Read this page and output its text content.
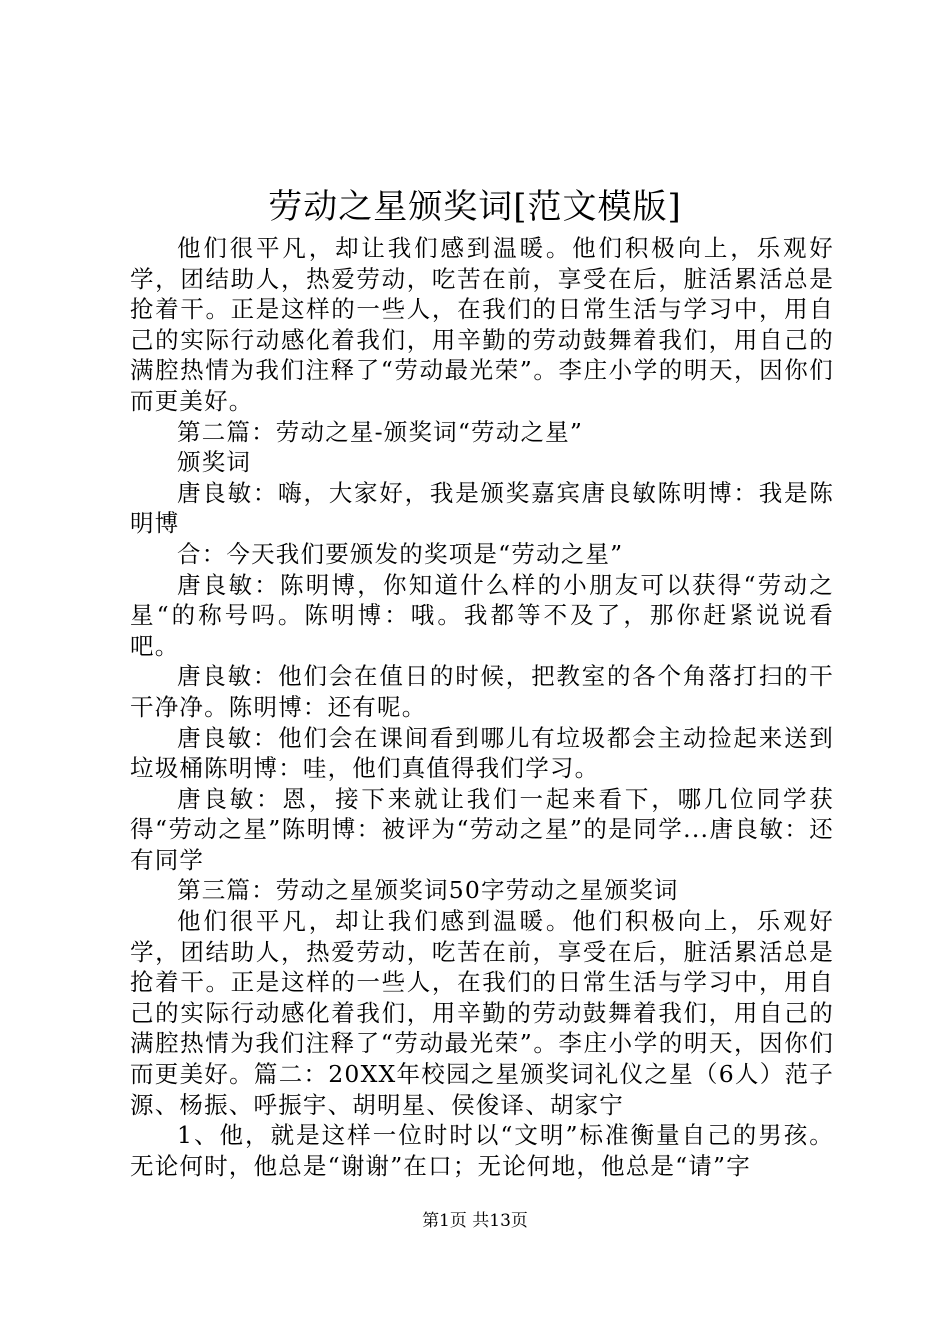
劳动之星颁奖词[范文模版]

他们很平凡，却让我们感到温暖。他们积极向上，乐观好学，团结助人，热爱劳动，吃苦在前，享受在后，脏活累活总是抢着干。正是这样的一些人，在我们的日常生活与学习中，用自己的实际行动感化着我们，用辛勤的劳动鼓舞着我们，用自己的满腔热情为我们注释了“劳动最光荣”。李庄小学的明天，因你们而更美好。

第二篇：劳动之星-颁奖词“劳动之星”

颁奖词

唐良敏：嗨，大家好，我是颁奖嘉宾唐良敏陈明博：我是陈明博

合：今天我们要颁发的奖项是“劳动之星”

唐良敏：陈明博，你知道什么样的小朋友可以获得“劳动之星“的称号吗。陈明博：哦。我都等不及了，那你赶紧说说看吧。

唐良敏：他们会在值日的时候，把教室的各个角落打扫的干干净净。陈明博：还有呢。

唐良敏：他们会在课间看到哪儿有垃圾都会主动捡起来送到垃圾桶陈明博：哇，他们真值得我们学习。

唐良敏：恩，接下来就让我们一起来看下，哪几位同学获得“劳动之星”陈明博：被评为“劳动之星”的是同学...唐良敏：还有同学

第三篇：劳动之星颁奖词50字劳动之星颁奖词

他们很平凡，却让我们感到温暖。他们积极向上，乐观好学，团结助人，热爱劳动，吃苦在前，享受在后，脏活累活总是抢着干。正是这样的一些人，在我们的日常生活与学习中，用自己的实际行动感化着我们，用辛勤的劳动鼓舞着我们，用自己的满腔热情为我们注释了“劳动最光荣”。李庄小学的明天，因你们而更美好。篇二：20XX年校园之星颁奖词礼仪之星（6人）范子源、杨振、呼振宇、胡明星、侯俊译、胡家宁

1、他，就是这样一位时时以“文明”标准衡量自己的男孩。无论何时，他总是“谢谢”在口；无论何地，他总是“请”字

第1页 共13页
